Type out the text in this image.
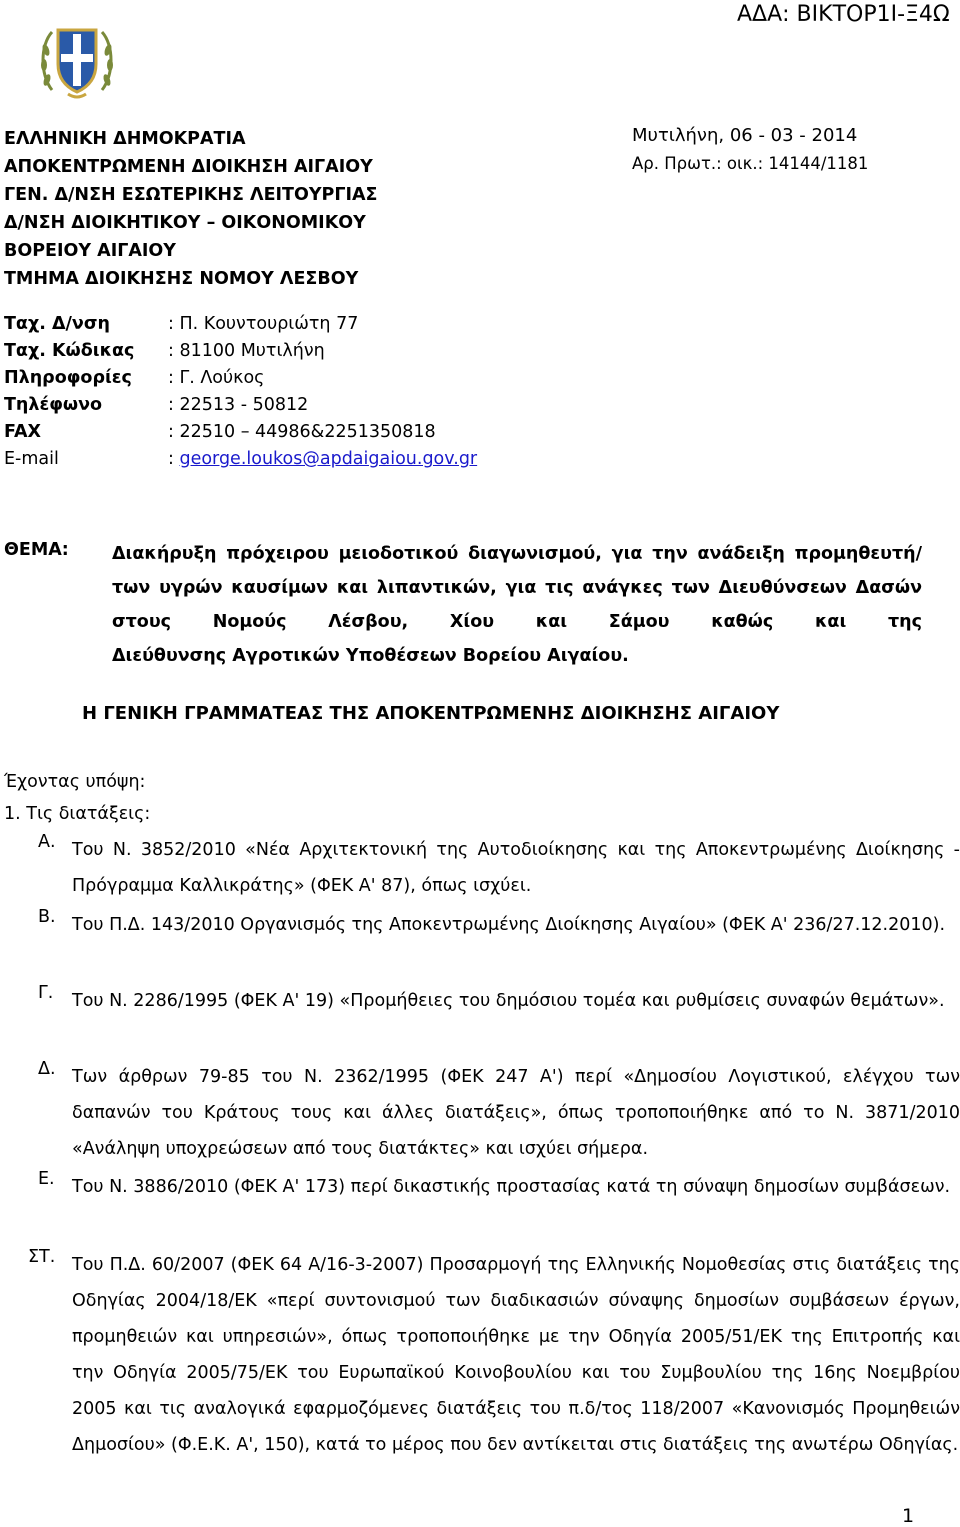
ΑΔΑ: ΒΙΚΤΟΡ1Ι-Ξ4Ω
ΕΛΛΗΝΙΚΗ ΔΗΜΟΚΡΑΤΙΑ
ΑΠΟΚΕΝΤΡΩΜΕΝΗ ΔΙΟΙΚΗΣΗ ΑΙΓΑΙΟΥ
ΓΕΝ. Δ/ΝΣΗ ΕΣΩΤΕΡΙΚΗΣ ΛΕΙΤΟΥΡΓΙΑΣ
Δ/ΝΣΗ ΔΙΟΙΚΗΤΙΚΟΥ – ΟΙΚΟΝΟΜΙΚΟΥ
ΒΟΡΕΙΟΥ ΑΙΓΑΙΟΥ
ΤΜΗΜΑ ΔΙΟΙΚΗΣΗΣ ΝΟΜΟΥ ΛΕΣΒΟΥ
Μυτιλήνη, 06 - 03 - 2014
Αρ. Πρωτ.: οικ.: 14144/1181
Ταχ. Δ/νση	: Π. Κουντουριώτη 77
Ταχ. Κώδικας : 81100 Μυτιλήνη
Πληροφορίες : Γ. Λούκος
Τηλέφωνο	: 22513 - 50812
FAX	: 22510 – 44986&2251350818
E-mail	: george.loukos@apdaigaiou.gov.gr
ΘΕΜΑ: Διακήρυξη πρόχειρου μειοδοτικού διαγωνισμού, για την ανάδειξη προμηθευτή/των υγρών καυσίμων και λιπαντικών, για τις ανάγκες των Διευθύνσεων Δασών στους Νομούς Λέσβου, Χίου και Σάμου καθώς και της
Διεύθυνσης Αγροτικών Υποθέσεων Βορείου Αιγαίου.
Η ΓΕΝΙΚΗ ΓΡΑΜΜΑΤΕΑΣ ΤΗΣ ΑΠΟΚΕΝΤΡΩΜΕΝΗΣ ΔΙΟΙΚΗΣΗΣ ΑΙΓΑΙΟΥ
Έχοντας υπόψη:
1. Τις διατάξεις:
Α. Του Ν. 3852/2010 «Νέα Αρχιτεκτονική της Αυτοδιοίκησης και της Αποκεντρωμένης Διοίκησης - Πρόγραμμα Καλλικράτης» (ΦΕΚ Α' 87), όπως ισχύει.
Β. Του Π.Δ. 143/2010 Οργανισμός της Αποκεντρωμένης Διοίκησης Αιγαίου» (ΦΕΚ Α' 236/27.12.2010).
Γ. Του Ν. 2286/1995 (ΦΕΚ Α' 19) «Προμήθειες του δημόσιου τομέα και ρυθμίσεις συναφών θεμάτων».
Δ. Των άρθρων 79-85 του Ν. 2362/1995 (ΦΕΚ 247 Α') περί «Δημοσίου Λογιστικού, ελέγχου των δαπανών του Κράτους τους και άλλες διατάξεις», όπως τροποποιήθηκε από το Ν. 3871/2010 «Ανάληψη υποχρεώσεων από τους διατάκτες» και ισχύει σήμερα.
Ε. Του Ν. 3886/2010 (ΦΕΚ Α' 173) περί δικαστικής προστασίας κατά τη σύναψη δημοσίων συμβάσεων.
ΣΤ. Του Π.Δ. 60/2007 (ΦΕΚ 64 Α/16-3-2007) Προσαρμογή της Ελληνικής Νομοθεσίας στις διατάξεις της Οδηγίας 2004/18/ΕΚ «περί συντονισμού των διαδικασιών σύναψης δημοσίων συμβάσεων έργων, προμηθειών και υπηρεσιών», όπως τροποποιήθηκε με την Οδηγία 2005/51/ΕΚ της Επιτροπής και την Οδηγία 2005/75/ΕΚ του Ευρωπαϊκού Κοινοβουλίου και του Συμβουλίου της 16ης Νοεμβρίου 2005 και τις αναλογικά εφαρμοζόμενες διατάξεις του π.δ/τος 118/2007 «Κανονισμός Προμηθειών Δημοσίου» (Φ.Ε.Κ. Α', 150), κατά το μέρος που δεν αντίκειται στις διατάξεις της ανωτέρω Οδηγίας.
1
